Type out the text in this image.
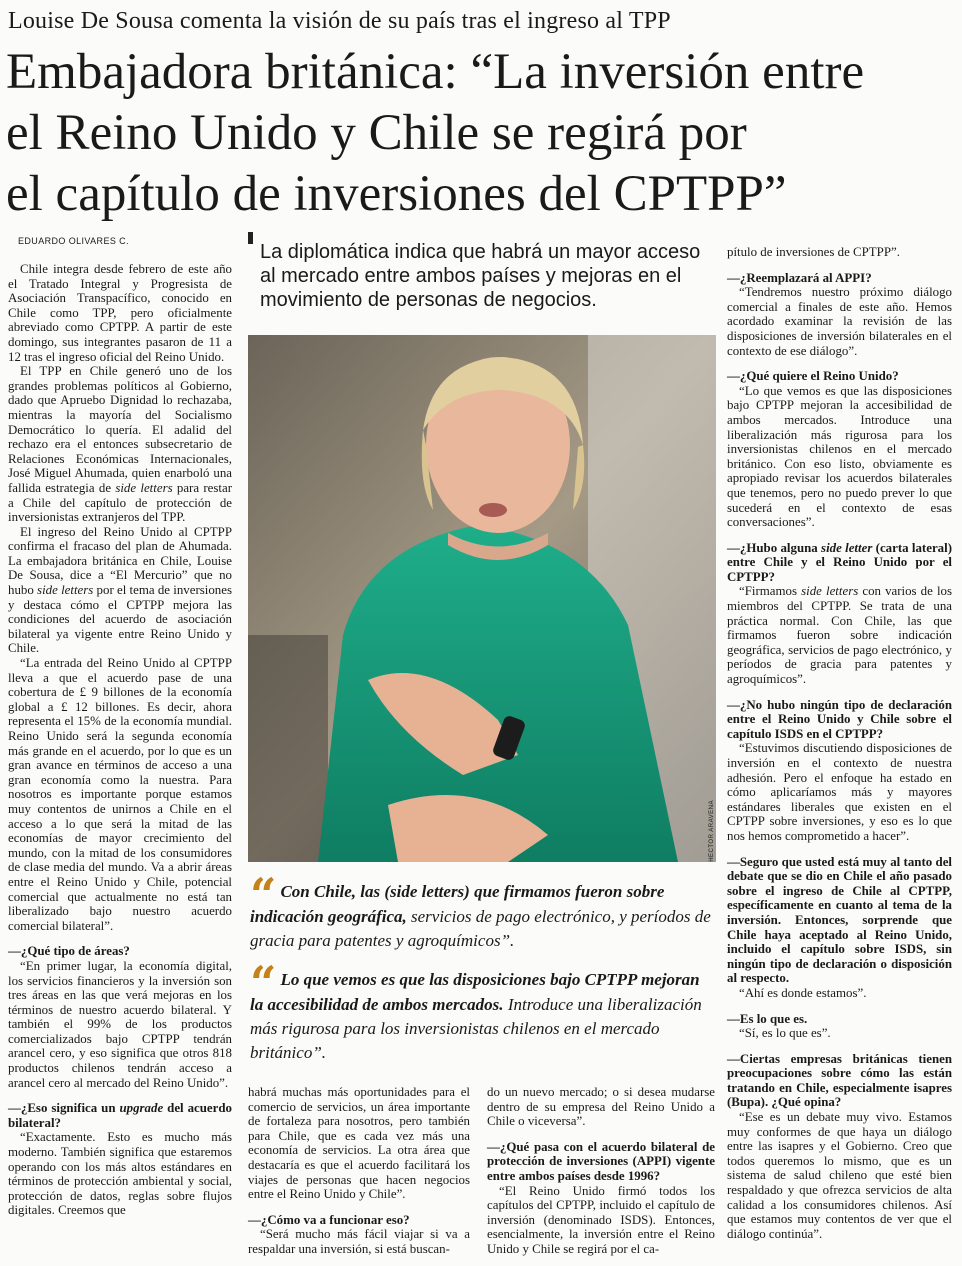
Louise De Sousa comenta la visión de su país tras el ingreso al TPP
Embajadora británica: “La inversión entre
el Reino Unido y Chile se regirá por
el capítulo de inversiones del CPTPP”
EDUARDO OLIVARES C.	La diplomática indica que habrá un mayor acceso al mercado entre ambos países y mejoras en el movimiento de personas de negocios.

Chile integra desde febrero de este año el Tratado Integral y Progresista de Asociación Transpacífico, conocido en Chile como TPP, pero oficialmente abreviado como CPTPP. A partir de este domingo, sus integrantes pasaron de 11 a 12 tras el ingreso oficial del Reino Unido.

El TPP en Chile generó uno de los grandes problemas políticos al Gobierno, dado que Apruebo Dignidad lo rechazaba, mientras la mayoría del Socialismo Democrático lo quería. El adalid del rechazo era el entonces subsecretario de Relaciones Económicas Internacionales, José Miguel Ahumada, quien enarboló una fallida estrategia de side letters para restar a Chile del capítulo de protección de inversionistas extranjeros del TPP.

El ingreso del Reino Unido al CPTPP confirma el fracaso del plan de Ahumada. La embajadora británica en Chile, Louise De Sousa, dice a “El Mercurio” que no hubo side letters por el tema de inversiones y destaca cómo el CPTPP mejora las condiciones del acuerdo de asociación bilateral ya vigente entre Reino Unido y Chile.

“La entrada del Reino Unido al CPTPP lleva a que el acuerdo pase de una cobertura de £ 9 billones de la economía global a £ 12 billones. Es decir, ahora representa el 15% de la economía mundial. Reino Unido será la segunda economía más grande en el acuerdo, por lo que es un gran avance en términos de acceso a una gran economía como la nuestra. Para nosotros es importante porque estamos muy contentos de unirnos a Chile en el acceso a lo que será la mitad de las economías de mayor crecimiento del mundo, con la mitad de los consumidores de clase media del mundo. Va a abrir áreas entre el Reino Unido y Chile, potencial comercial que actualmente no está tan liberalizado bajo nuestro acuerdo comercial bilateral”.

—¿Qué tipo de áreas?

“En primer lugar, la economía digital, los servicios financieros y la inversión son tres áreas en las que verá mejoras en los términos de nuestro acuerdo bilateral. Y también el 99% de los productos comercializados bajo CPTPP tendrán arancel cero, y eso significa que otros 818 productos chilenos tendrán acceso a arancel cero al mercado del Reino Unido”.

—¿Eso significa un upgrade del acuerdo bilateral?

“Exactamente. Esto es mucho más moderno. También significa que estaremos operando con los más altos estándares en términos de protección ambiental y social, protección de datos, reglas sobre flujos digitales. Creemos que

HÉCTOR ARAVENA
“ Con Chile, las (side letters) que firmamos fueron sobre indicación geográfica, servicios de pago electrónico, y períodos de gracia para patentes y agroquímicos”.
“ Lo que vemos es que las disposiciones bajo CPTPP mejoran la accesibilidad de ambos mercados. Introduce una liberalización más rigurosa para los inversionistas chilenos en el mercado británico”.

habrá muchas más oportunidades para el comercio de servicios, un área importante de fortaleza para nosotros, pero también para Chile, que es cada vez más una economía de servicios. La otra área que destacaría es que el acuerdo facilitará los viajes de personas que hacen negocios entre el Reino Unido y Chile”.

—¿Cómo va a funcionar eso?

“Será mucho más fácil viajar si va a respaldar una inversión, si está buscan-

do un nuevo mercado; o si desea mudarse dentro de su empresa del Reino Unido a Chile o viceversa”.

—¿Qué pasa con el acuerdo bilateral de protección de inversiones (APPI) vigente entre ambos países desde 1996?

“El Reino Unido firmó todos los capítulos del CPTPP, incluido el capítulo de inversión (denominado ISDS). Entonces, esencialmente, la inversión entre el Reino Unido y Chile se regirá por el ca-

pítulo de inversiones de CPTPP”.

—¿Reemplazará al APPI?

“Tendremos nuestro próximo diálogo comercial a finales de este año. Hemos acordado examinar la revisión de las disposiciones de inversión bilaterales en el contexto de ese diálogo”.

—¿Qué quiere el Reino Unido?

“Lo que vemos es que las disposiciones bajo CPTPP mejoran la accesibilidad de ambos mercados. Introduce una liberalización más rigurosa para los inversionistas chilenos en el mercado británico. Con eso listo, obviamente es apropiado revisar los acuerdos bilaterales que tenemos, pero no puedo prever lo que sucederá en el contexto de esas conversaciones”.

—¿Hubo alguna side letter (carta lateral) entre Chile y el Reino Unido por el CPTPP?

“Firmamos side letters con varios de los miembros del CPTPP. Se trata de una práctica normal. Con Chile, las que firmamos fueron sobre indicación geográfica, servicios de pago electrónico, y períodos de gracia para patentes y agroquímicos”.

—¿No hubo ningún tipo de declaración entre el Reino Unido y Chile sobre el capítulo ISDS en el CPTPP?

“Estuvimos discutiendo disposiciones de inversión en el contexto de nuestra adhesión. Pero el enfoque ha estado en cómo aplicaríamos más y mayores estándares liberales que existen en el CPTPP sobre inversiones, y eso es lo que nos hemos comprometido a hacer”.

—Seguro que usted está muy al tanto del debate que se dio en Chile el año pasado sobre el ingreso de Chile al CPTPP, específicamente en cuanto al tema de la inversión. Entonces, sorprende que Chile haya aceptado al Reino Unido, incluido el capítulo sobre ISDS, sin ningún tipo de declaración o disposición al respecto.

“Ahí es donde estamos”.

—Es lo que es.

“Sí, es lo que es”.

—Ciertas empresas británicas tienen preocupaciones sobre cómo las están tratando en Chile, especialmente isapres (Bupa). ¿Qué opina?

“Ese es un debate muy vivo. Estamos muy conformes de que haya un diálogo entre las isapres y el Gobierno. Creo que todos queremos lo mismo, que es un sistema de salud chileno que esté bien respaldado y que ofrezca servicios de alta calidad a los consumidores chilenos. Así que estamos muy contentos de ver que el diálogo continúa”.
